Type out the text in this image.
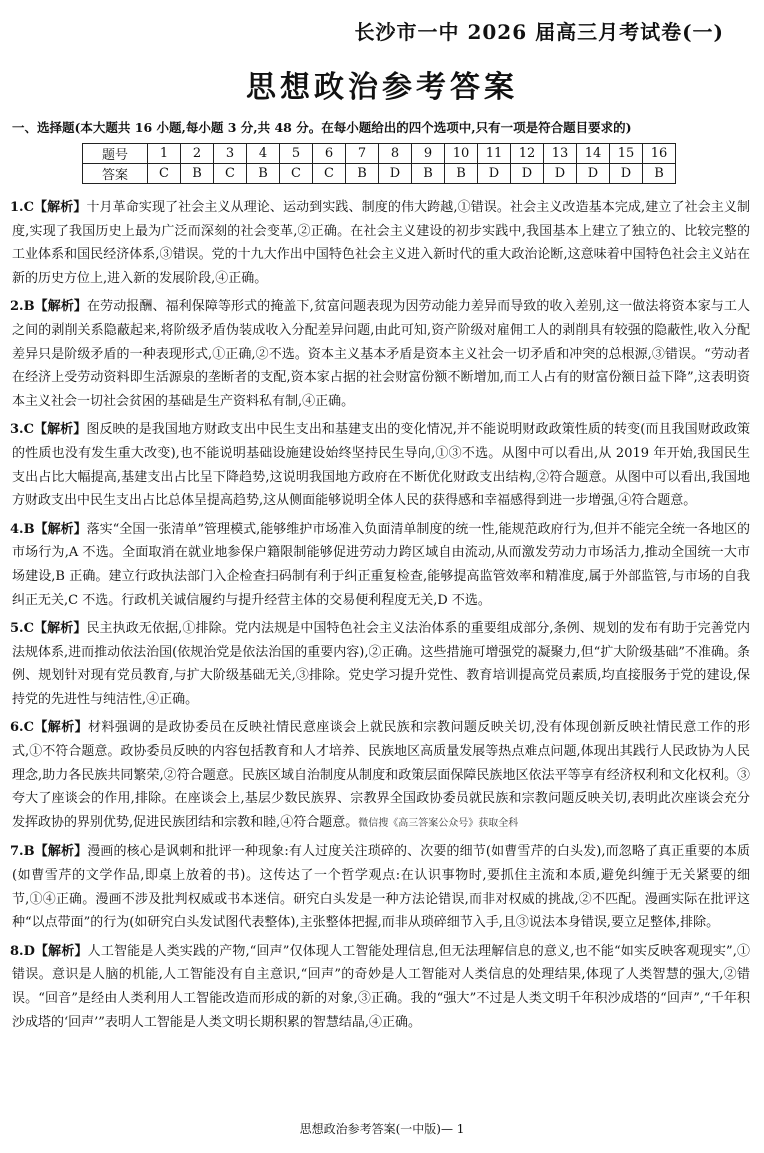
长沙市一中 2026 届高三月考试卷(一)
思想政治参考答案
一、选择题(本大题共 16 小题,每小题 3 分,共 48 分。在每小题给出的四个选项中,只有一项是符合题目要求的)
题号	1	2	3	4	5	6	7	8	9	10	11	12	13	14	15	16
答案	C	B	C	B	C	C	B	D	B	B	D	D	D	D	D	B
1.C【解析】十月革命实现了社会主义从理论、运动到实践、制度的伟大跨越,①错误。社会主义改造基本完成,建立了社会主义制度,实现了我国历史上最为广泛而深刻的社会变革,②正确。在社会主义建设的初步实践中,我国基本上建立了独立的、比较完整的工业体系和国民经济体系,③错误。党的十九大作出中国特色社会主义进入新时代的重大政治论断,这意味着中国特色社会主义站在新的历史方位上,进入新的发展阶段,④正确。
2.B【解析】在劳动报酬、福利保障等形式的掩盖下,贫富问题表现为因劳动能力差异而导致的收入差别,这一做法将资本家与工人之间的剥削关系隐蔽起来,将阶级矛盾伪装成收入分配差异问题,由此可知,资产阶级对雇佣工人的剥削具有较强的隐蔽性,收入分配差异只是阶级矛盾的一种表现形式,①正确,②不选。资本主义基本矛盾是资本主义社会一切矛盾和冲突的总根源,③错误。“劳动者在经济上受劳动资料即生活源泉的垄断者的支配,资本家占据的社会财富份额不断增加,而工人占有的财富份额日益下降”,这表明资本主义社会一切社会贫困的基础是生产资料私有制,④正确。
3.C【解析】图反映的是我国地方财政支出中民生支出和基建支出的变化情况,并不能说明财政政策性质的转变(而且我国财政政策的性质也没有发生重大改变),也不能说明基础设施建设始终坚持民生导向,①③不选。从图中可以看出,从 2019 年开始,我国民生支出占比大幅提高,基建支出占比呈下降趋势,这说明我国地方政府在不断优化财政支出结构,②符合题意。从图中可以看出,我国地方财政支出中民生支出占比总体呈提高趋势,这从侧面能够说明全体人民的获得感和幸福感得到进一步增强,④符合题意。
4.B【解析】落实“全国一张清单”管理模式,能够维护市场准入负面清单制度的统一性,能规范政府行为,但并不能完全统一各地区的市场行为,A 不选。全面取消在就业地参保户籍限制能够促进劳动力跨区域自由流动,从而激发劳动力市场活力,推动全国统一大市场建设,B 正确。建立行政执法部门入企检查扫码制有利于纠正重复检查,能够提高监管效率和精准度,属于外部监管,与市场的自我纠正无关,C 不选。行政机关诚信履约与提升经营主体的交易便利程度无关,D 不选。
5.C【解析】民主执政无依据,①排除。党内法规是中国特色社会主义法治体系的重要组成部分,条例、规划的发布有助于完善党内法规体系,进而推动依法治国(依规治党是依法治国的重要内容),②正确。这些措施可增强党的凝聚力,但“扩大阶级基础”不准确。条例、规划针对现有党员教育,与扩大阶级基础无关,③排除。党史学习提升党性、教育培训提高党员素质,均直接服务于党的建设,保持党的先进性与纯洁性,④正确。
6.C【解析】材料强调的是政协委员在反映社情民意座谈会上就民族和宗教问题反映关切,没有体现创新反映社情民意工作的形式,①不符合题意。政协委员反映的内容包括教育和人才培养、民族地区高质量发展等热点难点问题,体现出其践行人民政协为人民理念,助力各民族共同繁荣,②符合题意。民族区域自治制度从制度和政策层面保障民族地区依法平等享有经济权利和文化权利。③夸大了座谈会的作用,排除。在座谈会上,基层少数民族界、宗教界全国政协委员就民族和宗教问题反映关切,表明此次座谈会充分发挥政协的界别优势,促进民族团结和宗教和睦,④符合题意。微信搜《高三答案公众号》获取全科
7.B【解析】漫画的核心是讽刺和批评一种现象:有人过度关注琐碎的、次要的细节(如曹雪芹的白头发),而忽略了真正重要的本质(如曹雪芹的文学作品,即桌上放着的书)。这传达了一个哲学观点:在认识事物时,要抓住主流和本质,避免纠缠于无关紧要的细节,①④正确。漫画不涉及批判权威或书本迷信。研究白头发是一种方法论错误,而非对权威的挑战,②不匹配。漫画实际在批评这种“以点带面”的行为(如研究白头发试图代表整体),主张整体把握,而非从琐碎细节入手,且③说法本身错误,要立足整体,排除。
8.D【解析】人工智能是人类实践的产物,“回声”仅体现人工智能处理信息,但无法理解信息的意义,也不能“如实反映客观现实”,①错误。意识是人脑的机能,人工智能没有自主意识,“回声”的奇妙是人工智能对人类信息的处理结果,体现了人类智慧的强大,②错误。“回音”是经由人类利用人工智能改造而形成的新的对象,③正确。我的“强大”不过是人类文明千年积沙成塔的“回声”,“千年积沙成塔的‘回声’”表明人工智能是人类文明长期积累的智慧结晶,④正确。
思想政治参考答案(一中版)— 1
